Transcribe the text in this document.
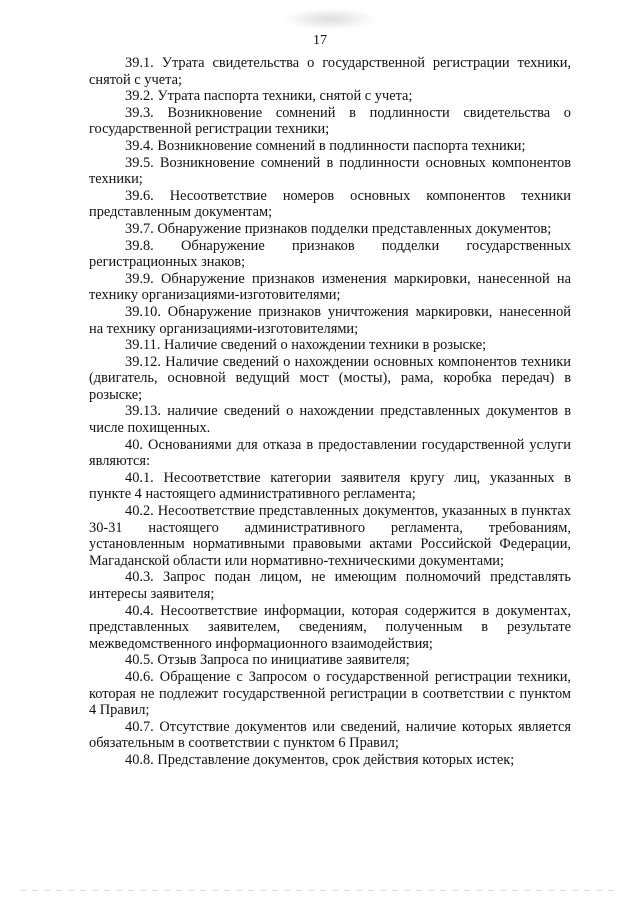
17

39.1. Утрата свидетельства о государственной регистрации техники, снятой с учета;

39.2. Утрата паспорта техники, снятой с учета;

39.3. Возникновение сомнений в подлинности свидетельства о государственной регистрации техники;

39.4. Возникновение сомнений в подлинности паспорта техники;

39.5. Возникновение сомнений в подлинности основных компонентов техники;

39.6. Несоответствие номеров основных компонентов техники представленным документам;

39.7. Обнаружение признаков подделки представленных документов;

39.8. Обнаружение признаков подделки государственных регистрационных знаков;

39.9. Обнаружение признаков изменения маркировки, нанесенной на технику организациями-изготовителями;

39.10. Обнаружение признаков уничтожения маркировки, нанесенной на технику организациями-изготовителями;

39.11. Наличие сведений о нахождении техники в розыске;

39.12. Наличие сведений о нахождении основных компонентов техники (двигатель, основной ведущий мост (мосты), рама, коробка передач) в розыске;

39.13. наличие сведений о нахождении представленных документов в числе похищенных.

40. Основаниями для отказа в предоставлении государственной услуги являются:

40.1. Несоответствие категории заявителя кругу лиц, указанных в пункте 4 настоящего административного регламента;

40.2. Несоответствие представленных документов, указанных в пунктах 30-31 настоящего административного регламента, требованиям, установленным нормативными правовыми актами Российской Федерации, Магаданской области или нормативно-техническими документами;

40.3. Запрос подан лицом, не имеющим полномочий представлять интересы заявителя;

40.4. Несоответствие информации, которая содержится в документах, представленных заявителем, сведениям, полученным в результате межведомственного информационного взаимодействия;

40.5. Отзыв Запроса по инициативе заявителя;

40.6. Обращение с Запросом о государственной регистрации техники, которая не подлежит государственной регистрации в соответствии с пунктом 4 Правил;

40.7. Отсутствие документов или сведений, наличие которых является обязательным в соответствии с пунктом 6 Правил;

40.8. Представление документов, срок действия которых истек;
